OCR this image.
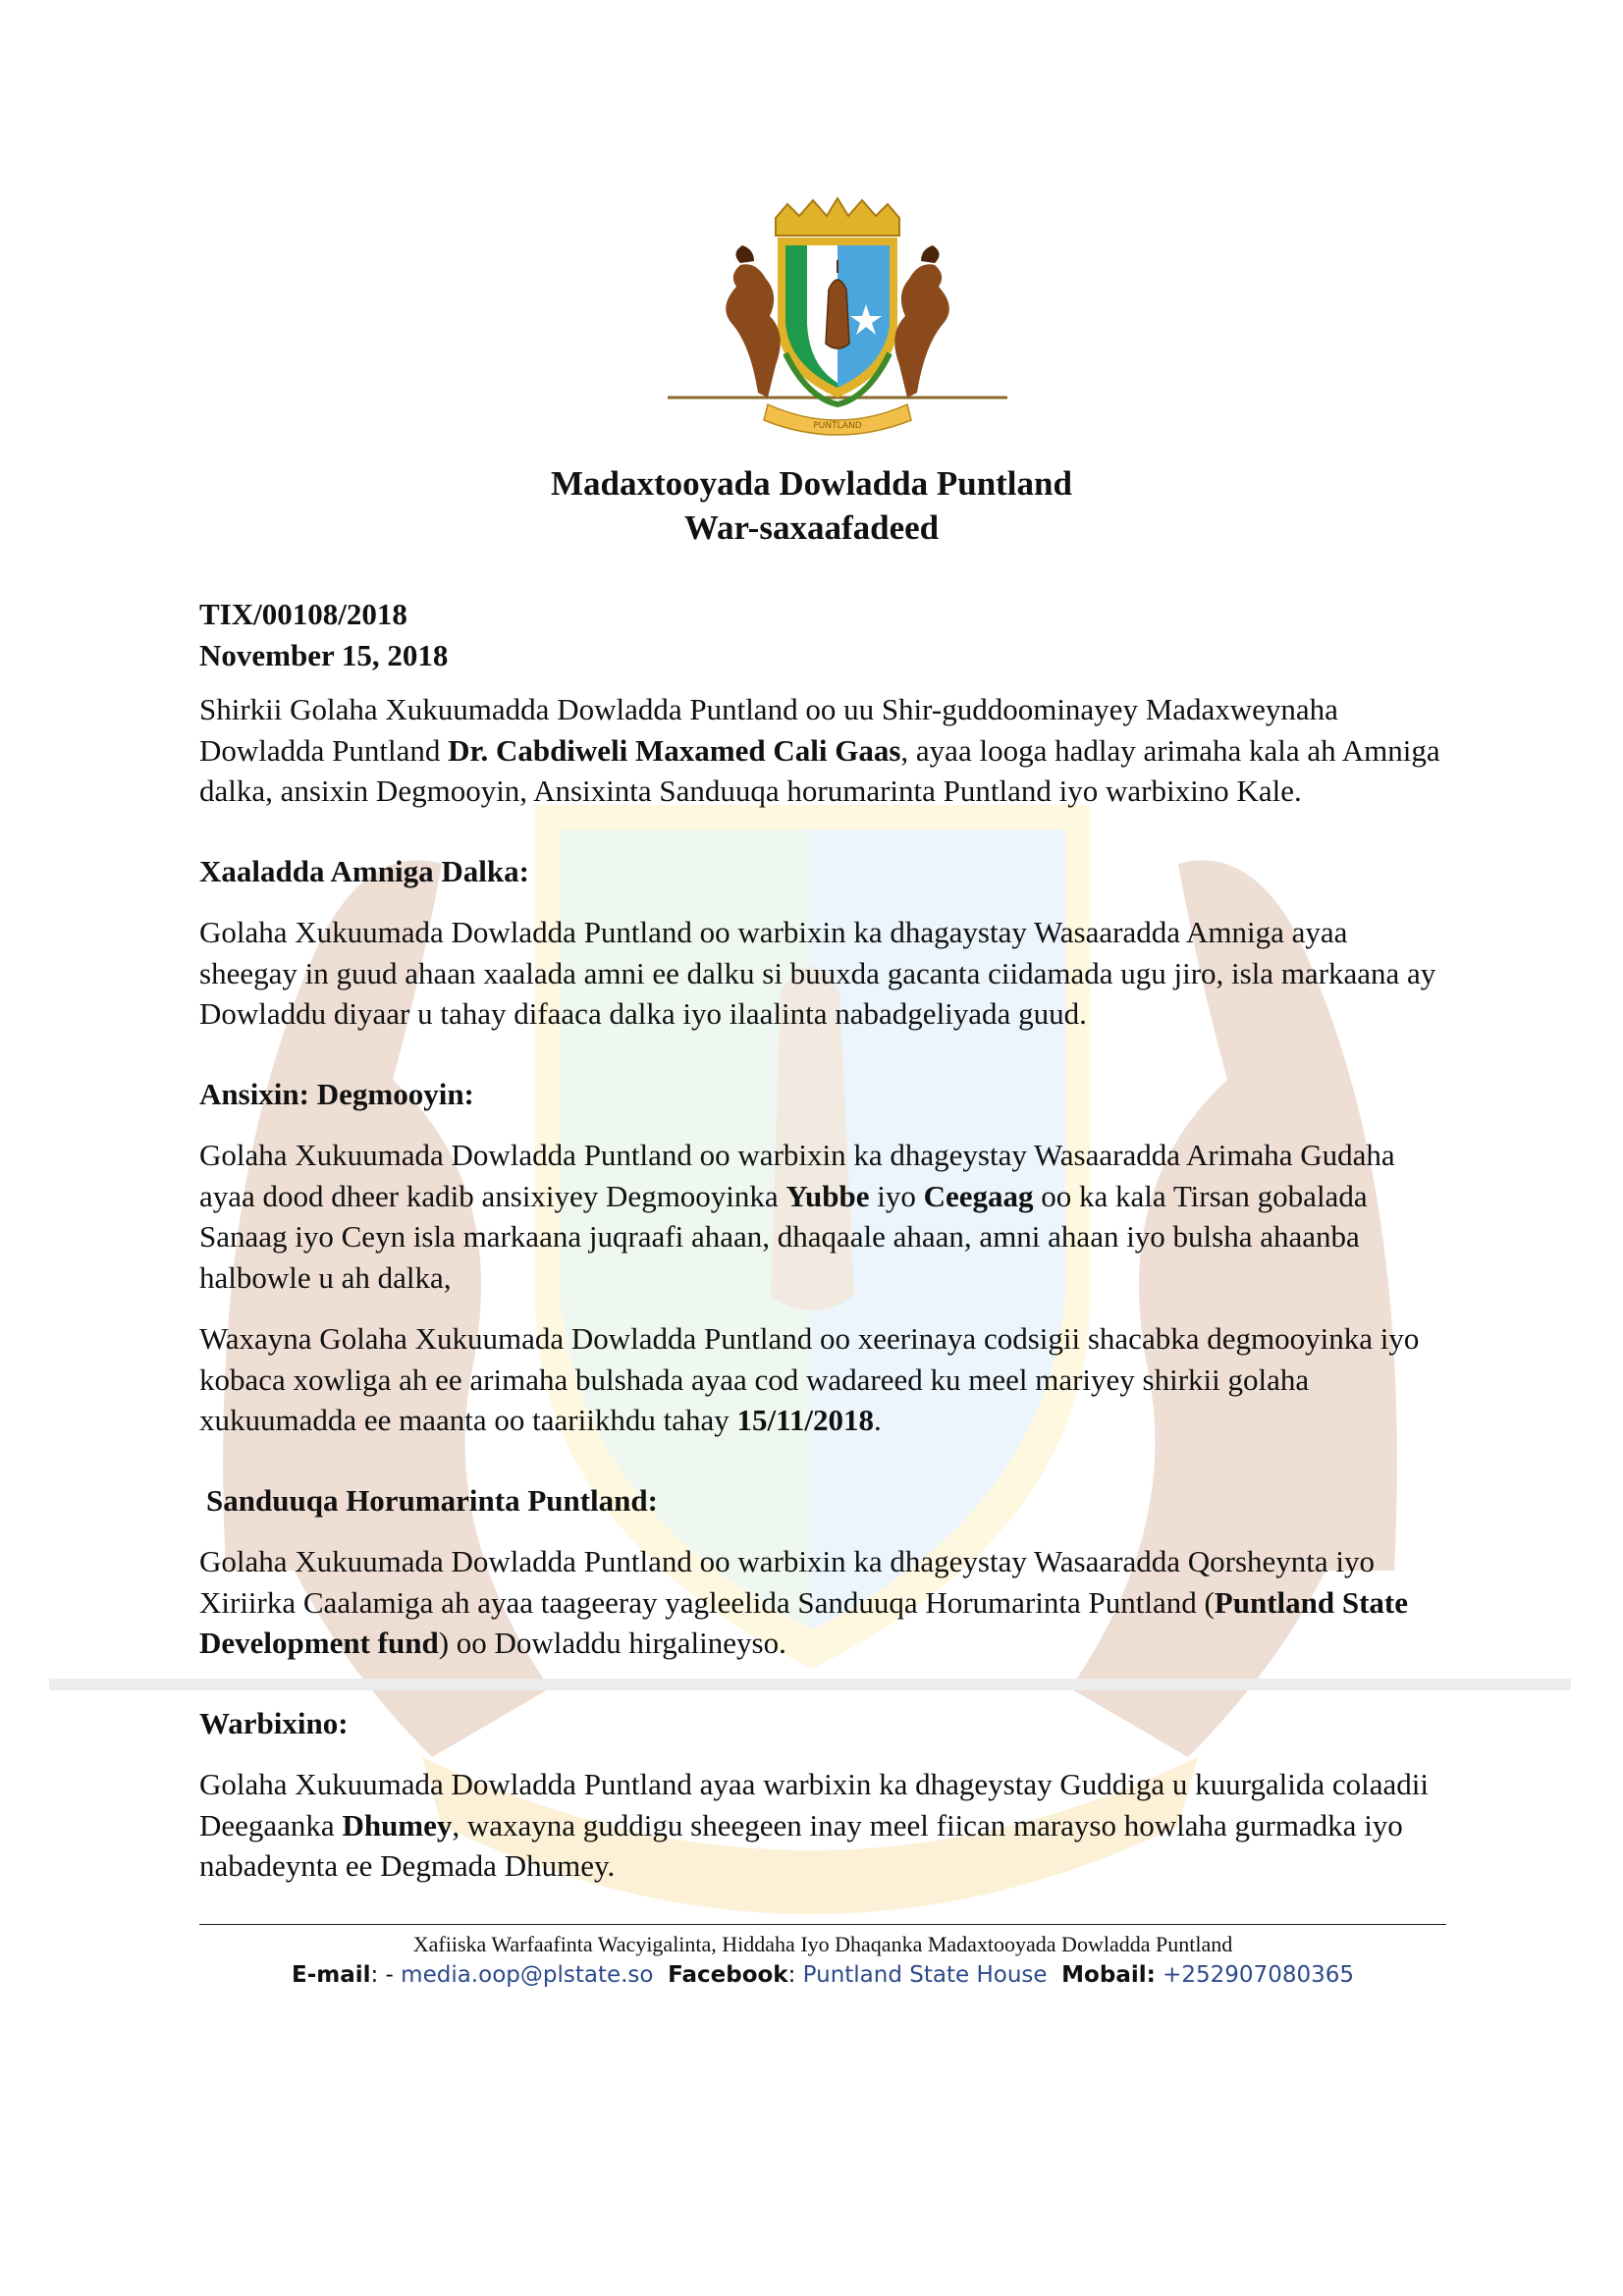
PUNTLAND
Madaxtooyada Dowladda Puntland
War-saxaafadeed
TIX/00108/2018
November 15, 2018

Shirkii Golaha Xukuumadda Dowladda Puntland oo uu Shir-guddoominayey Madaxweynaha Dowladda Puntland Dr. Cabdiweli Maxamed Cali Gaas, ayaa looga hadlay arimaha kala ah Amniga dalka, ansixin Degmooyin, Ansixinta Sanduuqa horumarinta Puntland iyo warbixino Kale.

Xaaladda Amniga Dalka:

Golaha Xukuumada Dowladda Puntland oo warbixin ka dhagaystay Wasaaradda Amniga ayaa sheegay in guud ahaan xaalada amni ee dalku si buuxda gacanta ciidamada ugu jiro, isla markaana ay Dowladdu diyaar u tahay difaaca dalka iyo ilaalinta nabadgeliyada guud.

Ansixin: Degmooyin:

Golaha Xukuumada Dowladda Puntland oo warbixin ka dhageystay Wasaaradda Arimaha Gudaha ayaa dood dheer kadib ansixiyey Degmooyinka Yubbe iyo Ceegaag oo ka kala Tirsan gobalada Sanaag iyo Ceyn isla markaana juqraafi ahaan, dhaqaale ahaan, amni ahaan iyo bulsha ahaanba halbowle u ah dalka,

Waxayna Golaha Xukuumada Dowladda Puntland oo xeerinaya codsigii shacabka degmooyinka iyo kobaca xowliga ah ee arimaha bulshada ayaa cod wadareed ku meel mariyey shirkii golaha xukuumadda ee maanta oo taariikhdu tahay 15/11/2018.

Sanduuqa Horumarinta Puntland:

Golaha Xukuumada Dowladda Puntland oo warbixin ka dhageystay Wasaaradda Qorsheynta iyo Xiriirka Caalamiga ah ayaa taageeray yagleelida Sanduuqa Horumarinta Puntland (Puntland State Development fund) oo Dowladdu hirgalineyso.

Warbixino:

Golaha Xukuumada Dowladda Puntland ayaa warbixin ka dhageystay Guddiga u kuurgalida colaadii Deegaanka Dhumey, waxayna guddigu sheegeen inay meel fiican marayso howlaha gurmadka iyo nabadeynta ee Degmada Dhumey.

Xafiiska Warfaafinta Wacyigalinta, Hiddaha Iyo Dhaqanka Madaxtooyada Dowladda Puntland
E-mail: - media.oop@plstate.so Facebook: Puntland State House Mobail: +252907080365
